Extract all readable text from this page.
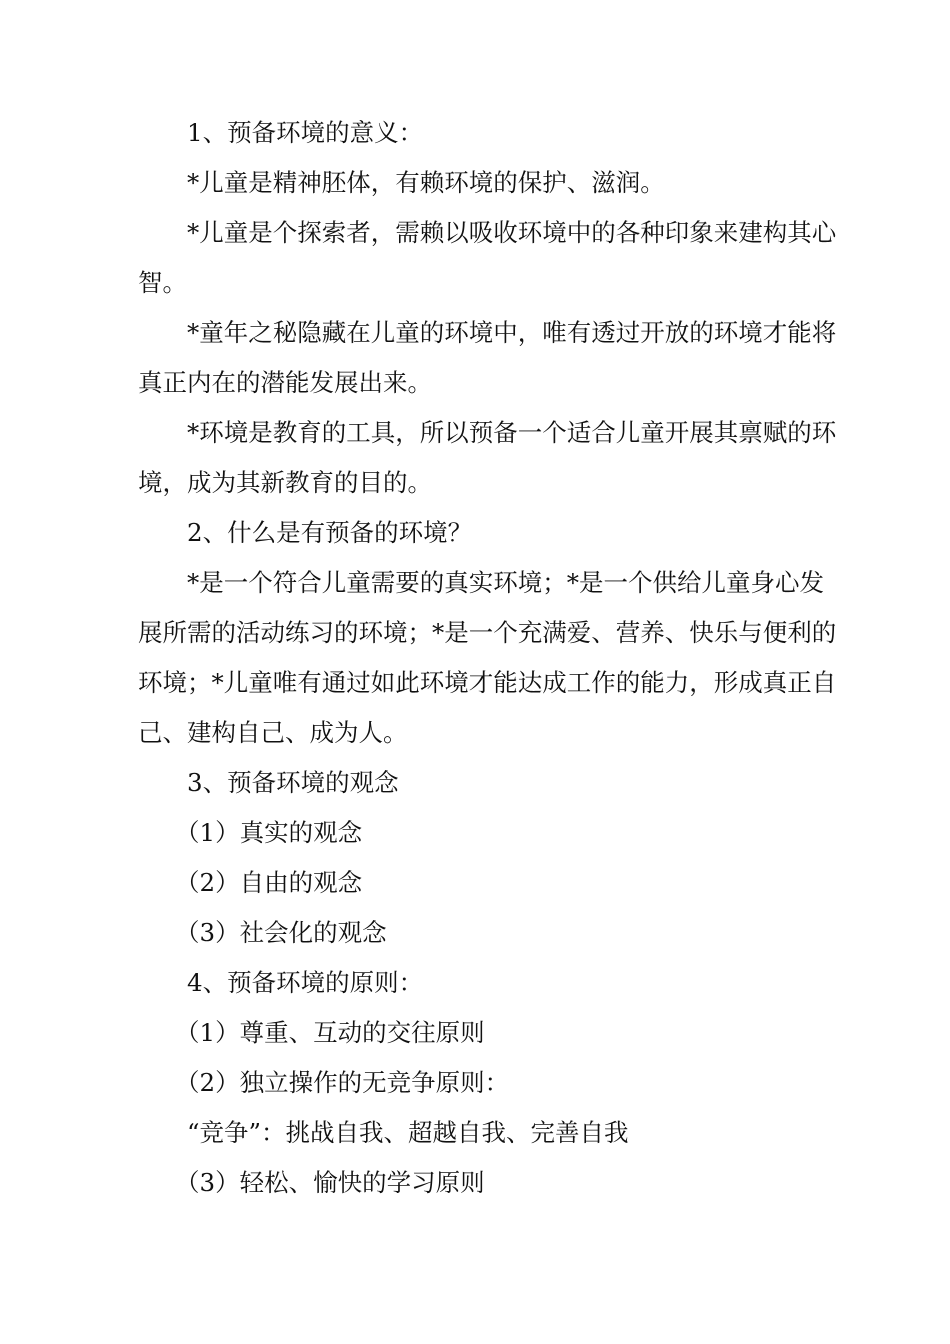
1、预备环境的意义：

*儿童是精神胚体，有赖环境的保护、滋润。

*儿童是个探索者，需赖以吸收环境中的各种印象来建构其心智。

*童年之秘隐藏在儿童的环境中，唯有透过开放的环境才能将真正内在的潜能发展出来。

*环境是教育的工具，所以预备一个适合儿童开展其禀赋的环境，成为其新教育的目的。

2、什么是有预备的环境？

*是一个符合儿童需要的真实环境；*是一个供给儿童身心发展所需的活动练习的环境；*是一个充满爱、营养、快乐与便利的环境；*儿童唯有通过如此环境才能达成工作的能力，形成真正自己、建构自己、成为人。

3、预备环境的观念

（1）真实的观念

（2）自由的观念

（3）社会化的观念

4、预备环境的原则：

（1）尊重、互动的交往原则

（2）独立操作的无竞争原则：

“竞争”：挑战自我、超越自我、完善自我

（3）轻松、愉快的学习原则
